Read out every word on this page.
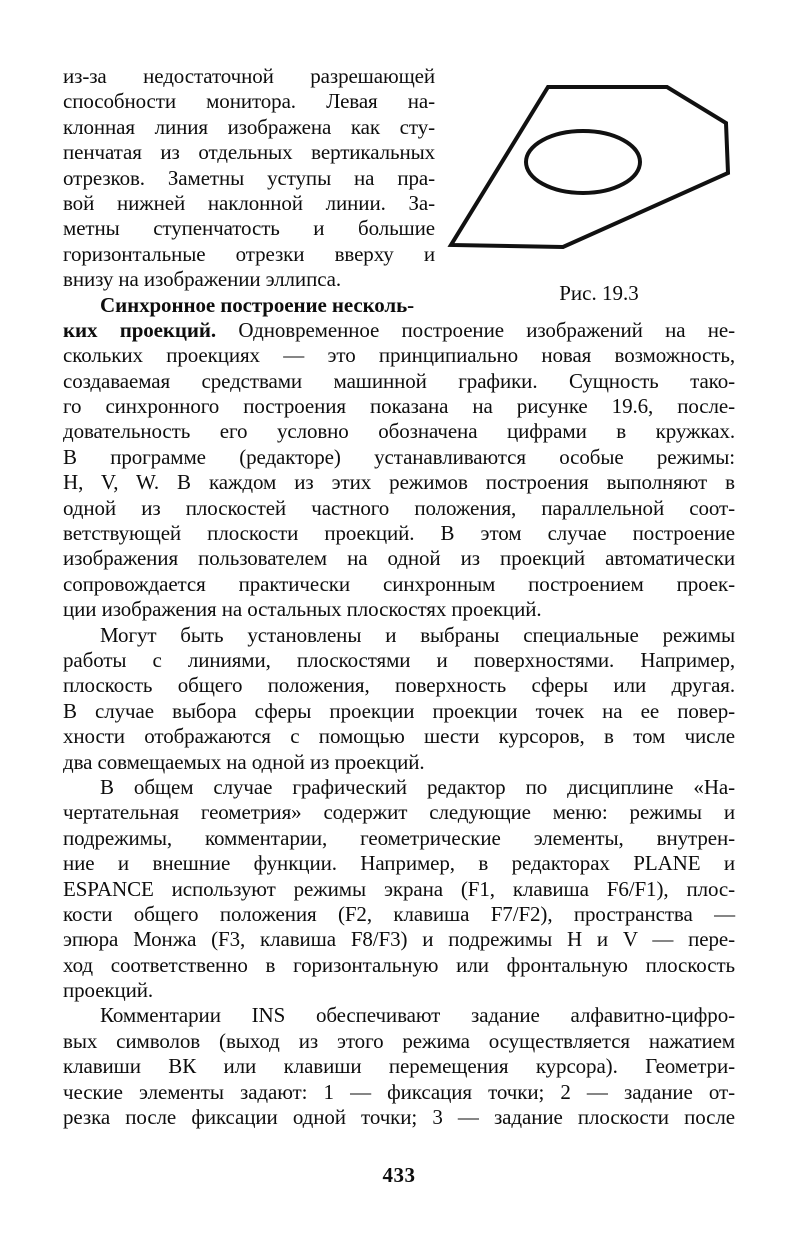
из-за недостаточной разрешающей
способности монитора. Левая на-
клонная линия изображена как сту-
пенчатая из отдельных вертикальных
отрезков. Заметны уступы на пра-
вой нижней наклонной линии. За-
метны ступенчатость и большие
горизонтальные отрезки вверху и
внизу на изображении эллипса.
Синхронное построение несколь-	Рис. 19.3
ких проекций. Одновременное построение изображений на не-
скольких проекциях — это принципиально новая возможность,
создаваемая средствами машинной графики. Сущность тако-
го синхронного построения показана на рисунке 19.6, после-
довательность его условно обозначена цифрами в кружках.
В программе (редакторе) устанавливаются особые режимы:
H, V, W. В каждом из этих режимов построения выполняют в
одной из плоскостей частного положения, параллельной соот-
ветствующей плоскости проекций. В этом случае построение
изображения пользователем на одной из проекций автоматически
сопровождается практически синхронным построением проек-
ции изображения на остальных плоскостях проекций.
Могут быть установлены и выбраны специальные режимы
работы с линиями, плоскостями и поверхностями. Например,
плоскость общего положения, поверхность сферы или другая.
В случае выбора сферы проекции проекции точек на ее повер-
хности отображаются с помощью шести курсоров, в том числе
два совмещаемых на одной из проекций.
В общем случае графический редактор по дисциплине «На-
чертательная геометрия» содержит следующие меню: режимы и
подрежимы, комментарии, геометрические элементы, внутрен-
ние и внешние функции. Например, в редакторах PLANE и
ESPANCE используют режимы экрана (F1, клавиша F6/F1), плос-
кости общего положения (F2, клавиша F7/F2), пространства —
эпюра Монжа (F3, клавиша F8/F3) и подрежимы H и V — пере-
ход соответственно в горизонтальную или фронтальную плоскость
проекций.
Комментарии INS обеспечивают задание алфавитно-цифро-
вых символов (выход из этого режима осуществляется нажатием
клавиши ВК или клавиши перемещения курсора). Геометри-
ческие элементы задают: 1 — фиксация точки; 2 — задание от-
резка после фиксации одной точки; 3 — задание плоскости после
433
